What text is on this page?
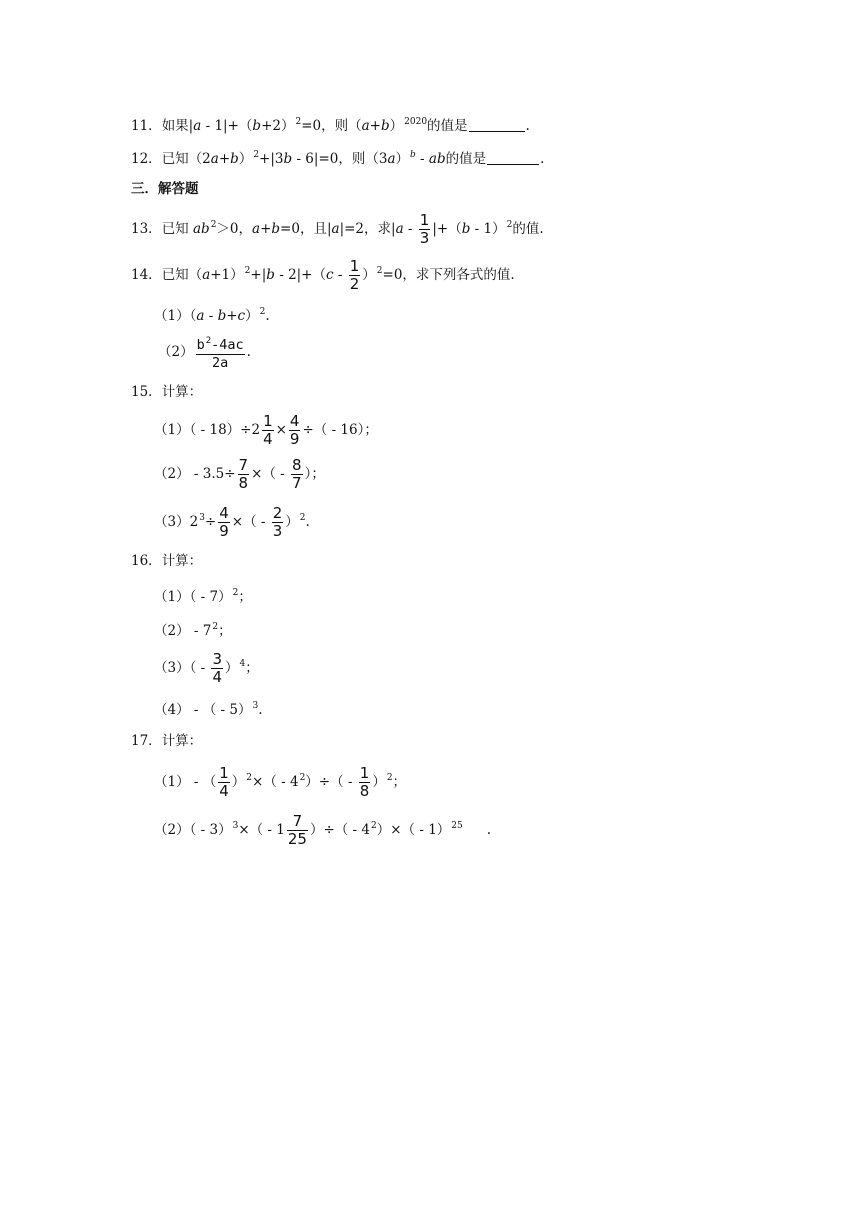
11．如果$|a - 1|+(b+2)^2=0$，则$(a+b)^{2020}$的值是	.
12．已知$(2a+b)^2+|3b - 6|=0$，则$(3a)^b$ - ab的值是	.
三．解答题
13．已知 $ab^2>0$，a+b=0，且|a|=2，求$|a - \frac{1}{3} |+(b - 1)^2$的值.
14．已知$(a+1)^2+|b - 2|+(c - \frac{1}{2} )^2=0$，求下列各式的值.
$(1)(a - b+c)^2$.
$(2) \frac{b^2-4ac}{2a}$ .
15．计算：
$(1)( - 18)\div 2 \frac{1}{4} \times \frac{4}{9}$ ÷（ - 16）；
$(2) - 3.5\div \frac{7}{8}$ ×（ - $\frac{8}{7}$ ）；
$(3)2^3\div \frac{4}{9}$ ×（ - $\frac{2}{3} )^2$.
16．计算：
（1）（ - 7）$^2$；
$(2) - 7^2$；
$(3)( - \frac{3}{4} )^4$；
（4） - （ - 5）$^3$.
17．计算：
（1） - （ $\frac{1}{4} )^2\times( - 4^2)\div( - \frac{1}{8} )^2$；
$(2)( - 3)^3\times( - 1 \frac{7}{25}$ ）÷（ - $4^2)\times( - 1)^{25}$ .
